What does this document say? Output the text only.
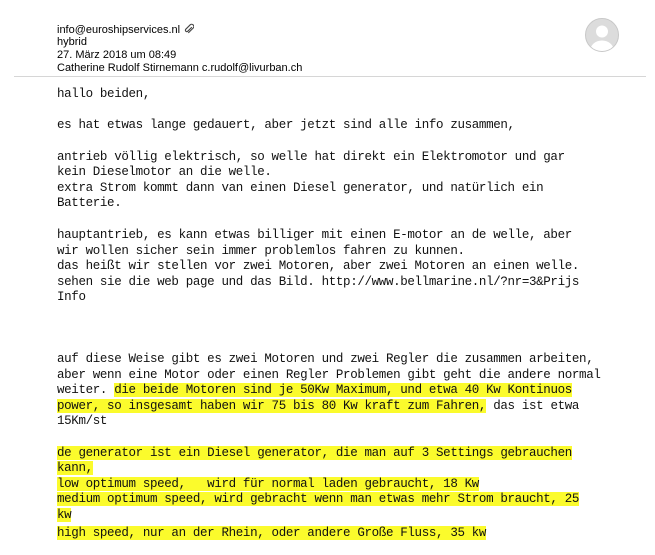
info@euroshipservices.nl
hybrid
27. März 2018 um 08:49
Catherine Rudolf Stirnemann c.rudolf@livurban.ch

hallo beiden,

es hat etwas lange gedauert, aber jetzt sind alle info zusammen,

antrieb völlig elektrisch, so welle hat direkt ein Elektromotor und gar

kein Dieselmotor an die welle.

extra Strom kommt dann van einen Diesel generator, und natürlich ein

Batterie.

hauptantrieb, es kann etwas billiger mit einen E-motor an de welle, aber

wir wollen sicher sein immer problemlos fahren zu kunnen.

das heißt wir stellen vor zwei Motoren, aber zwei Motoren an einen welle.

sehen sie die web page und das Bild. http://www.bellmarine.nl/?nr=3&Prijs

Info

auf diese Weise gibt es zwei Motoren und zwei Regler die zusammen arbeiten,

aber wenn eine Motor oder einen Regler Problemen gibt geht die andere normal

weiter. die beide Motoren sind je 50Kw Maximum, und etwa 40 Kw Kontinuos

power, so insgesamt haben wir 75 bis 80 Kw kraft zum Fahren, das ist etwa

15Km/st

de generator ist ein Diesel generator, die man auf 3 Settings gebrauchen

kann,

low optimum speed,   wird für normal laden gebraucht, 18 Kw

medium optimum speed, wird gebracht wenn man etwas mehr Strom braucht, 25

kw

high speed, nur an der Rhein, oder andere Große Fluss, 35 kw
